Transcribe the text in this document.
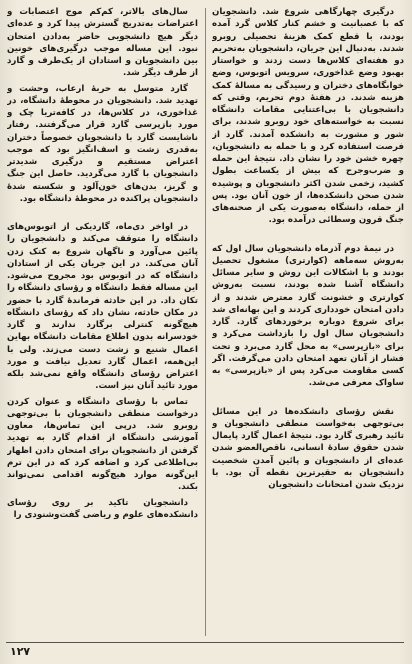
درگیری چهارگاهی شروع شد. دانشجویان که با عصبانیت و خشم کنار کلاس گرد آمده بودند، با قطع کمک هزینهٔ تحصیلی روبرو شدند. به‌دنبال این جریان، دانشجویان به‌تحریم دو هفته‌ای کلاس‌ها دست زدند و خواستار بهبود وضع غذاخوری، سرویس اتوبوس، وضع خوابگاه‌های دختران و رسیدگی به مسالهٔ کمک هزینه شدند. در هفتهٔ دوم تحریم، وقتی که دانشجویان با بی‌اعتنایی مقامات دانشگاه نسبت به خواسته‌های خود روبرو شدند، برای شور و مشورت به دانشکده آمدند. گارد از فرصت استفاده کرد و با حمله به دانشجویان، چهره خشن خود را نشان داد. نتیجهٔ این حمله و ضرب‌وجرح که بیش از یکساعت بطول کشید، زخمی شدن اکثر دانشجویان و پوشیده شدن صحن دانشکده‌ها، از خون آنان بود. پس از حمله، دانشگاه به‌صورت یکی از صحنه‌های جنگ قرون وسطائی درآمده بود.

در نیمهٔ دوم آذرماه دانشجویان سال اول که به‌روش سه‌ماهه (کوارتری) مشغول تحصیل بودند و با اشکالات این روش و سایر مسائل دانشگاه آشنا شده بودند، نسبت به‌روش کوارتری و خشونت گارد معترض شدند و از دادن امتحان خودداری کردند و این بهانه‌ای شد برای شروع دوباره برخوردهای گارد. گارد دانشجویان سال اول را بازداشت می‌کرد و برای «بازپرسی» به محل گارد می‌برد و تحت فشار از آنان تعهد امتحان دادن می‌گرفت. اگر کسی مقاومت می‌کرد پس از «بازپرسی» به ساواک معرفی می‌شد.

نقش رؤسای دانشکده‌ها در این مسائل بی‌توجهی به‌خواست منطقی دانشجویان و تائید رهبری گارد بود. نتیجهٔ اعمال گارد پایمال شدن حقوق سادهٔ انسانی، ناقص‌العضو شدن عده‌ای از دانشجویان و پائین آمدن شخصیت دانشجویان به حقیرترین نقطه آن بود. با نزدیک شدن امتحانات دانشجویان

سال‌های بالاتر، کم‌کم موج اعتصابات و اعتراضات به‌تدریج گسترش پیدا کرد و عده‌ای دیگر هیچ دانشجویی حاضر به‌دادن امتحان نبود. این مساله موجب درگیری‌های خونین بین دانشجویان و استادان از یک‌طرف و گارد از طرف دیگر شد.

گارد متوسل به حربهٔ ارعاب، وحشت و تهدید شد. دانشجویان در محوطهٔ دانشگاه، در غذاخوری، در کلاس‌ها، در کافه‌تریا چک و مورد بازپرسی گارد قرار می‌گرفتند. رفتار ناشایست گارد با دانشجویان خصوصاً دختران به‌قدری زشت و اسف‌انگیز بود که موجب اعتراض مستقیم و درگیری شدیدتر دانشجویان با گارد می‌گردید. حاصل این جنگ و گریز، بدن‌های خون‌آلود و شکسته شدهٔ دانشجویان پراکنده در محوطهٔ دانشگاه بود.

در اواخر دی‌ماه، گاردیکی از اتوبوس‌های دانشگاه را متوقف می‌کند و دانشجویان را پائین می‌آورد و ناگهان شروع به کتک زدن آنان می‌کند. در این جریان یکی از استادان دانشگاه که در اتوبوس بود مجروح می‌شود. این مساله فقط دانشگاه و رؤسای دانشگاه را تکان داد. در این حادثه فرماندهٔ گارد با حضور در مکان حادثه، نشان داد که رؤسای دانشگاه هیچ‌گونه کنترلی برگارد ندارند و گارد خودسرانه بدون اطلاع مقامات دانشگاه بهاین اعمال شنیع و زشت دست می‌زند. ولی با این‌همه، اعمال گارد تعدیل نیافت و مورد اعتراض رؤسای دانشگاه واقع نمی‌شد بلکه مورد تائید آنان نیز است.

تماس با رؤسای دانشگاه و عنوان کردن درخواست منطقی دانشجویان با بی‌توجهی روبرو شد. درپی این تماس‌ها، معاون آموزشی دانشگاه از اقدام گارد به تهدید گرفتن از دانشجویان برای امتحان دادن اظهار بی‌اطلاعی کرد و اضافه کرد که در این ترم این‌گونه موارد هیچ‌گونه اقدامی نمی‌تواند بکند.

دانشجویان تاکید بر روی رؤسای دانشکده‌های علوم و ریاضی گفت‌وشنودی را

۱۲۷
